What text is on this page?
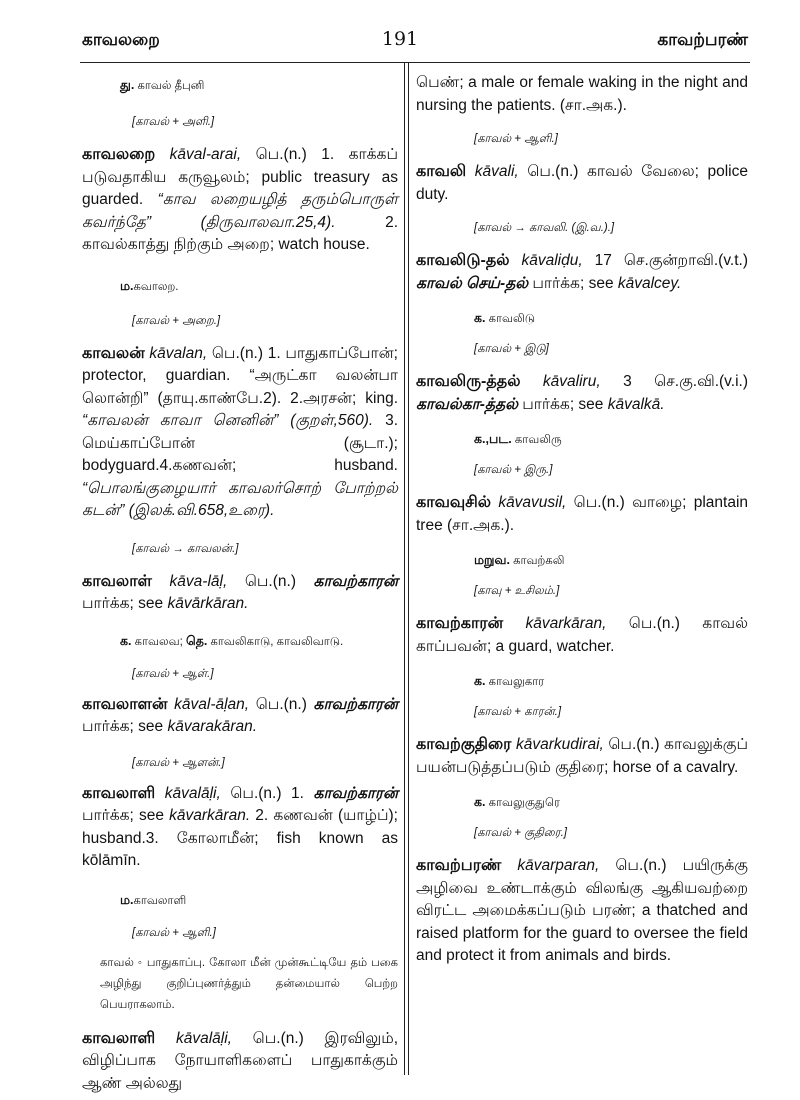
காவலறை	191	காவற்பரண்

து. காவல் தீபுனி

[காவல் + அளி.]

காவலறை kāval-arai, பெ.(n.) 1. காக்கப் படுவதாகிய கருவூலம்; public treasury as guarded. “காவ லறையழித் தரும்பொருள் கவர்ந்தே” (திருவாலவா.25,4). 2. காவல்காத்து நிற்கும் அறை; watch house.

ம.கவாலற.

[காவல் + அறை.]

காவலன் kāvalan, பெ.(n.) 1. பாதுகாப்போன்; protector, guardian. “அருட்கா வலன்பா லொன்றி” (தாயு.காண்பே.2). 2.அரசன்; king. “காவலன் காவா னெனின்” (குறள்,560). 3. மெய்காப்போன் (சூடா.); bodyguard.4.கணவன்; husband. “பொலங்குழையார் காவலர்சொற் போற்றல் கடன்” (இலக்.வி.658,உரை).

[காவல் → காவலன்.]

காவலாள் kāva-lāḷ, பெ.(n.) காவற்காரன் பார்க்க; see kāvārkāran.

க. காவலவ; தெ. காவலிகாடு, காவலிவாடு.

[காவல் + ஆள்.]

காவலாளன் kāval-āḷan, பெ.(n.) காவற்காரன் பார்க்க; see kāvarakāran.

[காவல் + ஆளன்.]

காவலாளி kāvalāḷi, பெ.(n.) 1. காவற்காரன் பார்க்க; see kāvarkāran. 2. கணவன் (யாழ்ப்); husband.3. கோலாமீன்; fish known as kōlāmīn.

ம.காவலாளி

[காவல் + ஆளி.]

காவல் ◦ பாதுகாப்பு. கோலா மீன் முன்கூட்டியே தம் பகை அழிந்து குறிப்புணர்த்தும் தன்மையால் பெற்ற பெயராகலாம்.

காவலாளி kāvalāḷi, பெ.(n.) இரவிலும், விழிப்பாக நோயாளிகளைப் பாதுகாக்கும் ஆண் அல்லது

பெண்; a male or female waking in the night and nursing the patients. (சா.அக.).

[காவல் + ஆளி.]

காவலி kāvali, பெ.(n.) காவல் வேலை; police duty.

[காவல் → காவலி. (இ.வ.).]

காவலிடு-தல் kāvaliḍu, 17 செ.குன்றாவி.(v.t.) காவல் செய்-தல் பார்க்க; see kāvalcey.

க. காவலிடு

[காவல் + இடு]

காவலிரு-த்தல் kāvaliru, 3 செ.கு.வி.(v.i.) காவல்கா-த்தல் பார்க்க; see kāvalkā.

க.,பட. காவலிரு

[காவல் + இரு.]

காவவுசில் kāvavusil, பெ.(n.) வாழை; plantain tree (சா.அக.).

மறுவ. காவற்கலி

[காவு + உசிலம்.]

காவற்காரன் kāvarkāran, பெ.(n.) காவல் காப்பவன்; a guard, watcher.

க. காவலுகார

[காவல் + காரன்.]

காவற்குதிரை kāvarkudirai, பெ.(n.) காவலுக்குப் பயன்படுத்தப்படும் குதிரை; horse of a cavalry.

க. காவலுகுதுரெ

[காவல் + குதிரை.]

காவற்பரண் kāvarparan, பெ.(n.) பயிருக்கு அழிவை உண்டாக்கும் விலங்கு ஆகியவற்றை விரட்ட அமைக்கப்படும் பரண்; a thatched and raised platform for the guard to oversee the field and protect it from animals and birds.
